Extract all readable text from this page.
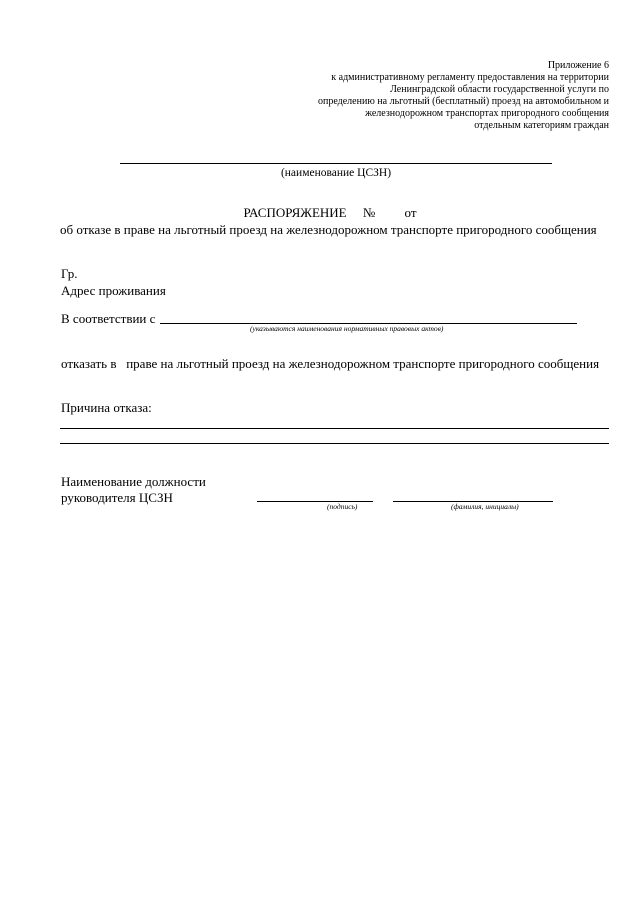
Приложение 6
к административному регламенту предоставления на территории
Ленинградской области государственной услуги по
определению на льготный (бесплатный) проезд на автомобильном и
железнодорожном транспортах пригородного сообщения
отдельным категориям граждан
(наименование ЦСЗН)
РАСПОРЯЖЕНИЕ     №         от
об отказе в праве на льготный проезд на железнодорожном транспорте пригородного сообщения
Гр.
Адрес проживания
В соответствии с
(указываются наименования нормативных правовых актов)
отказать в   праве на льготный проезд на железнодорожном транспорте пригородного сообщения
Причина отказа:
Наименование должности
руководителя ЦСЗН
(подпись)	(фамилия, инициалы)
